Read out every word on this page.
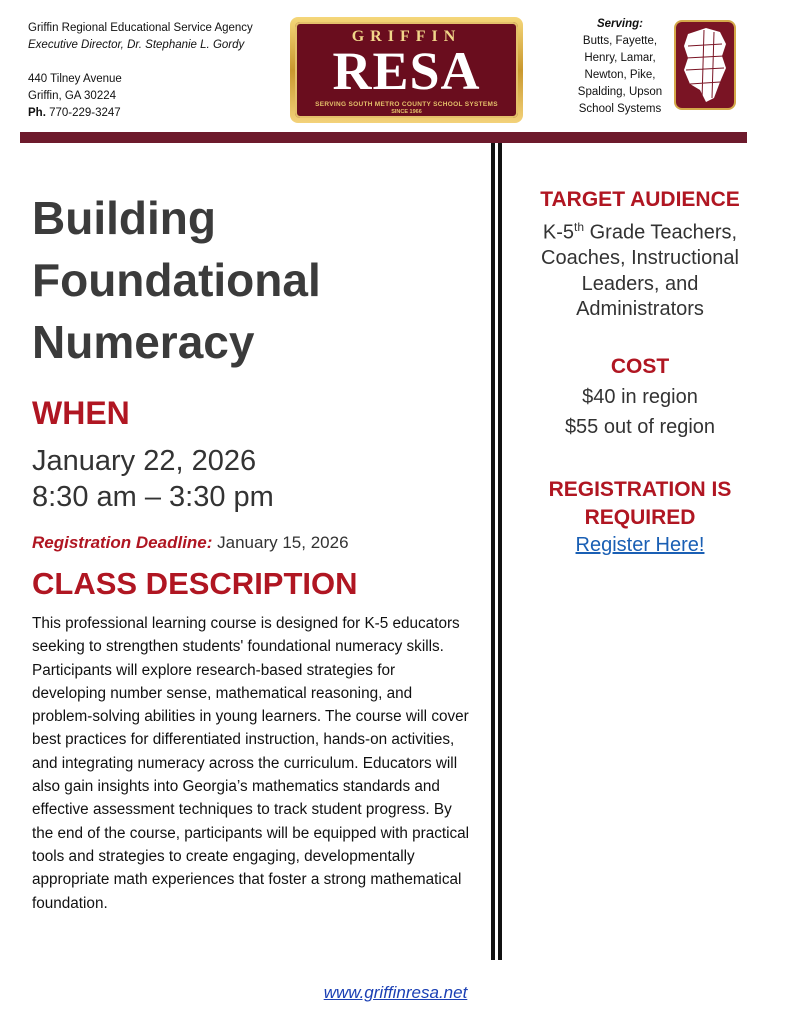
Griffin Regional Educational Service Agency
Executive Director, Dr. Stephanie L. Gordy
440 Tilney Avenue
Griffin, GA 30224
Ph. 770-229-3247
GRIFFIN
RESA
SERVING SOUTH METRO COUNTY SCHOOL SYSTEMS
SINCE 1966
Serving:
Butts, Fayette,
Henry, Lamar,
Newton, Pike,
Spalding, Upson
School Systems
Building
Foundational
Numeracy
WHEN
January 22, 2026
8:30 am – 3:30 pm
Registration Deadline: January 15, 2026
CLASS DESCRIPTION
This professional learning course is designed for K-5 educators seeking to strengthen students' foundational numeracy skills. Participants will explore research-based strategies for developing number sense, mathematical reasoning, and problem-solving abilities in young learners. The course will cover best practices for differentiated instruction, hands-on activities, and integrating numeracy across the curriculum. Educators will also gain insights into Georgia’s mathematics standards and effective assessment techniques to track student progress. By the end of the course, participants will be equipped with practical tools and strategies to create engaging, developmentally appropriate math experiences that foster a strong mathematical foundation.
TARGET AUDIENCE
K-5th Grade Teachers, Coaches, Instructional Leaders, and Administrators
COST
$40 in region
$55 out of region
REGISTRATION IS
REQUIRED
Register Here!
www.griffinresa.net
